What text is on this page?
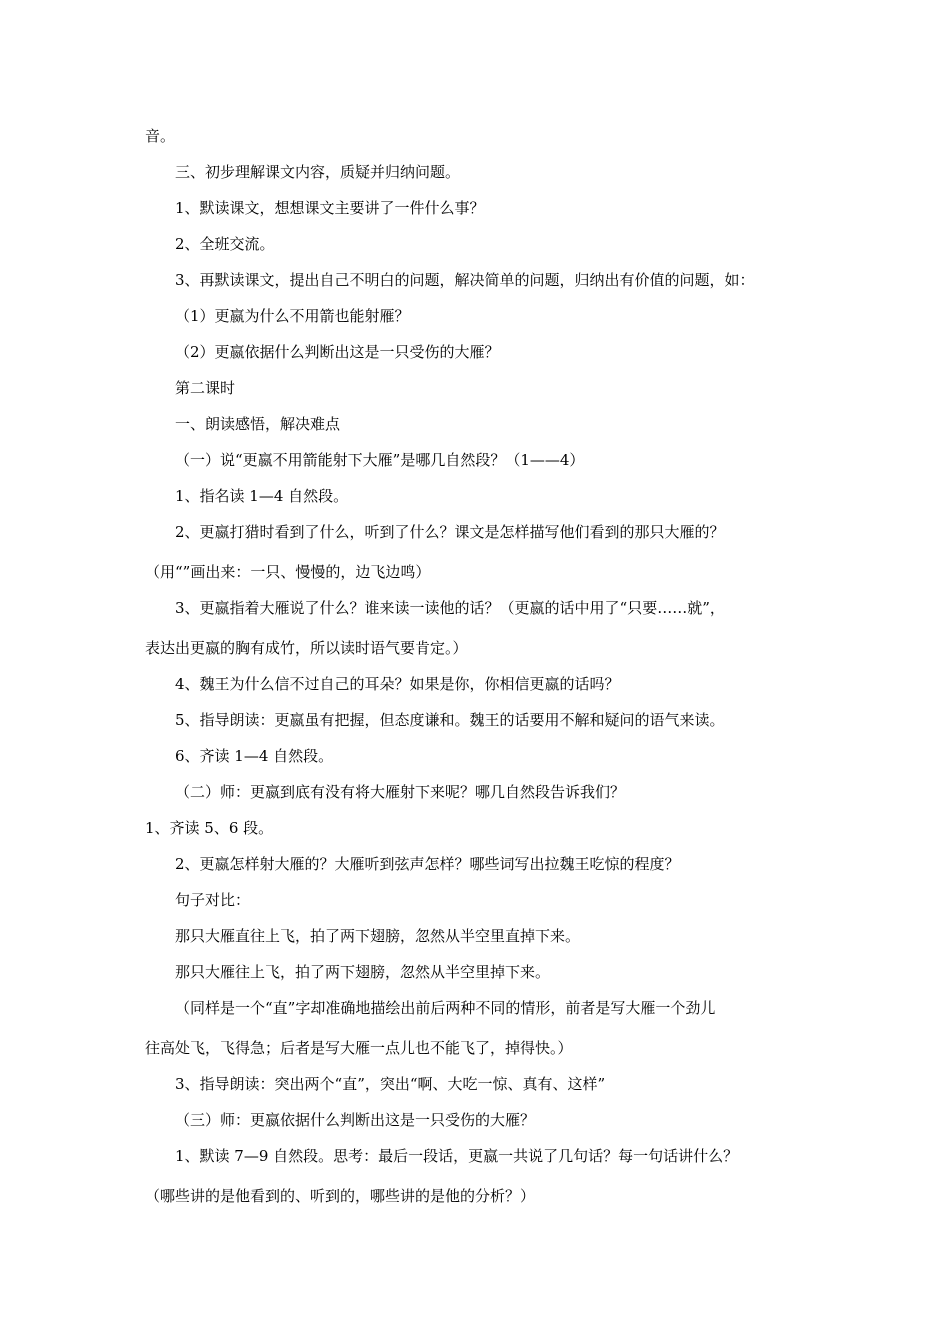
音。

三、初步理解课文内容，质疑并归纳问题。

1、默读课文，想想课文主要讲了一件什么事？

2、全班交流。

3、再默读课文，提出自己不明白的问题，解决简单的问题，归纳出有价值的问题，如：

（1）更嬴为什么不用箭也能射雁？

（2）更嬴依据什么判断出这是一只受伤的大雁？

第二课时

一、朗读感悟，解决难点

（一）说“更嬴不用箭能射下大雁”是哪几自然段？（1——4）

1、指名读 1—4 自然段。

2、更嬴打猎时看到了什么，听到了什么？课文是怎样描写他们看到的那只大雁的？

（用“”画出来：一只、慢慢的，边飞边鸣）

3、更嬴指着大雁说了什么？谁来读一读他的话？（更嬴的话中用了“只要……就”，

表达出更嬴的胸有成竹，所以读时语气要肯定。）

4、魏王为什么信不过自己的耳朵？如果是你，你相信更嬴的话吗？

5、指导朗读：更嬴虽有把握，但态度谦和。魏王的话要用不解和疑问的语气来读。

6、齐读 1—4 自然段。

（二）师：更嬴到底有没有将大雁射下来呢？哪几自然段告诉我们？

1、齐读 5、6 段。

2、更嬴怎样射大雁的？大雁听到弦声怎样？哪些词写出拉魏王吃惊的程度？

句子对比：

那只大雁直往上飞，拍了两下翅膀，忽然从半空里直掉下来。

那只大雁往上飞，拍了两下翅膀，忽然从半空里掉下来。

（同样是一个“直”字却准确地描绘出前后两种不同的情形，前者是写大雁一个劲儿

往高处飞，飞得急；后者是写大雁一点儿也不能飞了，掉得快。）

3、指导朗读：突出两个“直”，突出“啊、大吃一惊、真有、这样”

（三）师：更嬴依据什么判断出这是一只受伤的大雁？

1、默读 7—9 自然段。思考：最后一段话，更嬴一共说了几句话？每一句话讲什么？

（哪些讲的是他看到的、听到的，哪些讲的是他的分析？）
